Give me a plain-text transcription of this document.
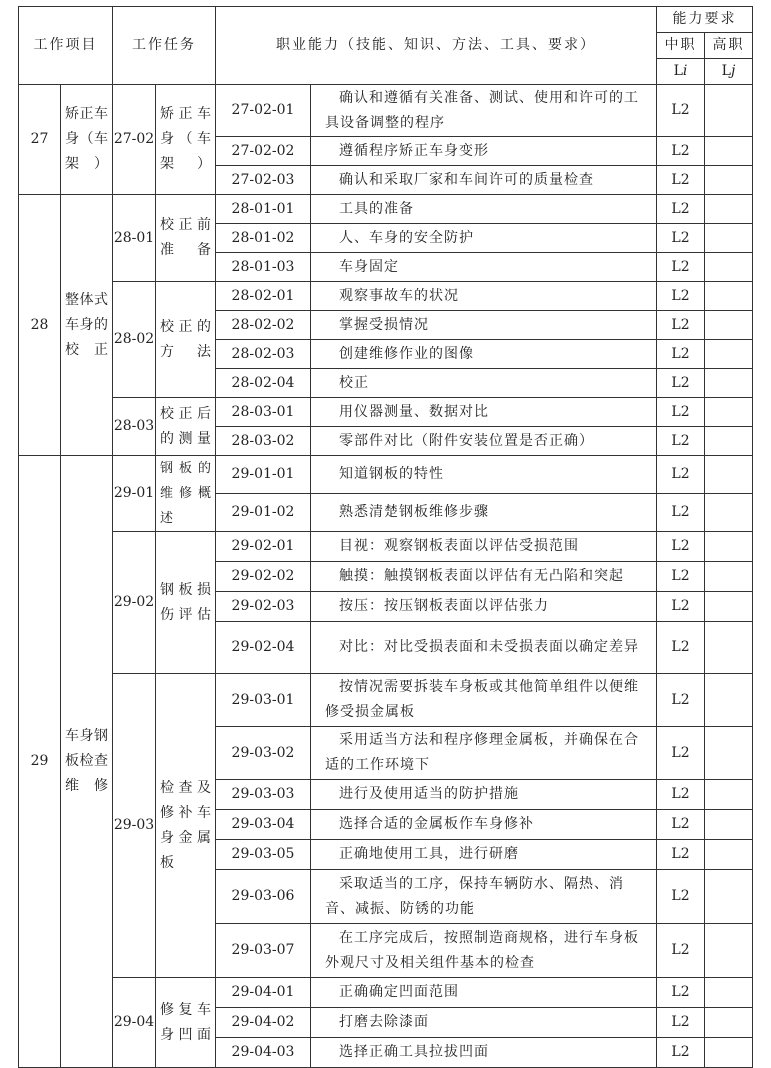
工作项目		工作任务		职业能力（技能、知识、方法、工具、要求）		能力要求	
						中职	高职
						Li	Lj
27	矫正车身（车架）	27-02	矫正车身（车架）	27-02-01	确认和遵循有关准备、测试、使用和许可的工具设备调整的程序	L2	
				27-02-02	遵循程序矫正车身变形	L2	
				27-02-03	确认和采取厂家和车间许可的质量检查	L2	
28	整体式车身的校正	28-01	校正前准备	28-01-01	工具的准备	L2	
				28-01-02	人、车身的安全防护	L2	
				28-01-03	车身固定	L2	
		28-02	校正的方法	28-02-01	观察事故车的状况	L2	
				28-02-02	掌握受损情况	L2	
				28-02-03	创建维修作业的图像	L2	
				28-02-04	校正	L2	
		28-03	校正后的测量	28-03-01	用仪器测量、数据对比	L2	
				28-03-02	零部件对比（附件安装位置是否正确）	L2	
29	车身钢板检查维修	29-01	钢板的维修概述	29-01-01	知道钢板的特性	L2	
				29-01-02	熟悉清楚钢板维修步骤	L2	
		29-02	钢板损伤评估	29-02-01	目视：观察钢板表面以评估受损范围	L2	
				29-02-02	触摸：触摸钢板表面以评估有无凸陷和突起	L2	
				29-02-03	按压：按压钢板表面以评估张力	L2	
				29-02-04	对比：对比受损表面和未受损表面以确定差异	L2	
		29-03	检查及修补车身金属板	29-03-01	按情况需要拆装车身板或其他简单组件以便维修受损金属板	L2	
				29-03-02	采用适当方法和程序修理金属板，并确保在合适的工作环境下	L2	
				29-03-03	进行及使用适当的防护措施	L2	
				29-03-04	选择合适的金属板作车身修补	L2	
				29-03-05	正确地使用工具，进行研磨	L2	
				29-03-06	采取适当的工序，保持车辆防水、隔热、消音、减振、防锈的功能	L2	
				29-03-07	在工序完成后，按照制造商规格，进行车身板外观尺寸及相关组件基本的检查	L2	
		29-04	修复车身凹面	29-04-01	正确确定凹面范围	L2	
				29-04-02	打磨去除漆面	L2	
				29-04-03	选择正确工具拉拔凹面	L2	
